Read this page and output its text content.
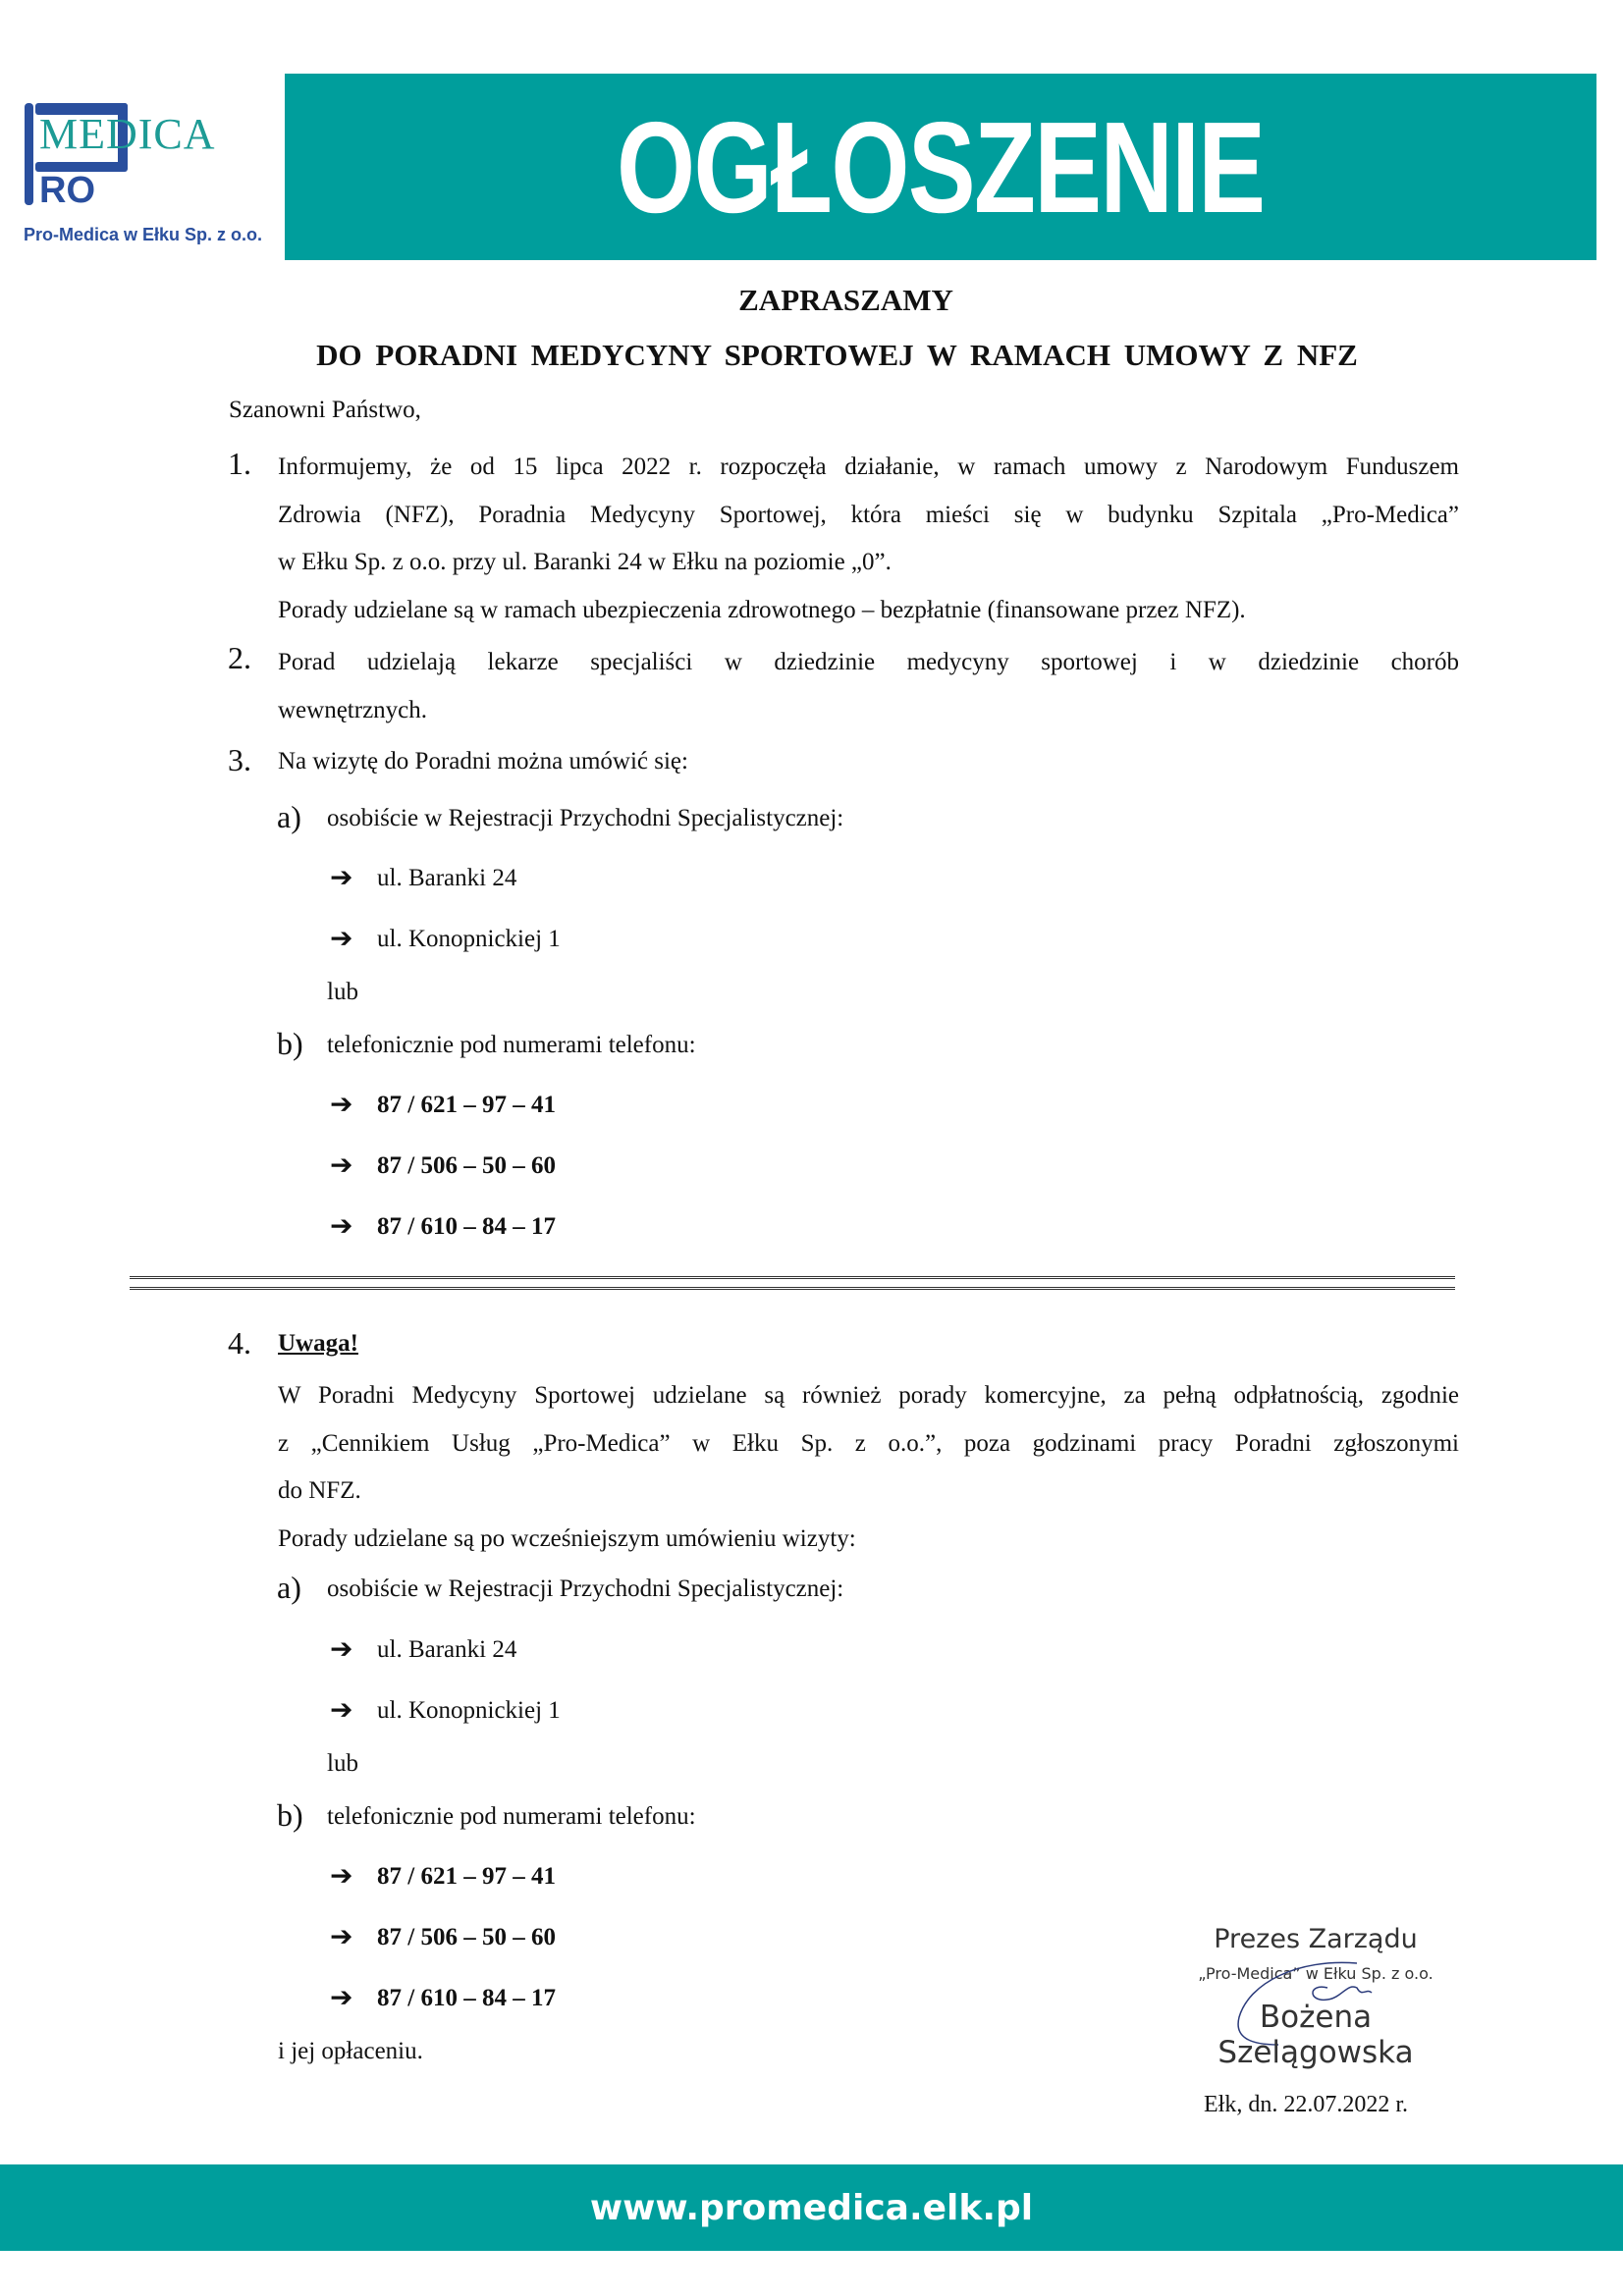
MEDICA
RO
Pro-Medica w Ełku Sp. z o.o.	OGŁOSZENIE
ZAPRASZAMY
DO PORADNI MEDYCYNY SPORTOWEJ W RAMACH UMOWY Z NFZ
Szanowni Państwo,
1. Informujemy, że od 15 lipca 2022 r. rozpoczęła działanie, w ramach umowy z Narodowym Funduszem
Zdrowia (NFZ), Poradnia Medycyny Sportowej, która mieści się w budynku Szpitala „Pro-Medica”
w Ełku Sp. z o.o. przy ul. Baranki 24 w Ełku na poziomie „0”.
Porady udzielane są w ramach ubezpieczenia zdrowotnego – bezpłatnie (finansowane przez NFZ).
2. Porad udzielają lekarze specjaliści w dziedzinie medycyny sportowej i w dziedzinie chorób
wewnętrznych.
3. Na wizytę do Poradni można umówić się:
a) osobiście w Rejestracji Przychodni Specjalistycznej:
➔ ul. Baranki 24
➔ ul. Konopnickiej 1
lub
b) telefonicznie pod numerami telefonu:
➔ 87 / 621 – 97 – 41
➔ 87 / 506 – 50 – 60
➔ 87 / 610 – 84 – 17
4. Uwaga!
W Poradni Medycyny Sportowej udzielane są również porady komercyjne, za pełną odpłatnością, zgodnie
z „Cennikiem Usług „Pro-Medica” w Ełku Sp. z o.o.”, poza godzinami pracy Poradni zgłoszonymi
do NFZ.
Porady udzielane są po wcześniejszym umówieniu wizyty:
a) osobiście w Rejestracji Przychodni Specjalistycznej:
➔ ul. Baranki 24
➔ ul. Konopnickiej 1
lub
b) telefonicznie pod numerami telefonu:
➔ 87 / 621 – 97 – 41
➔ 87 / 506 – 50 – 60
➔ 87 / 610 – 84 – 17
i jej opłaceniu.
Prezes Zarządu
„Pro-Medica” w Ełku Sp. z o.o.
Bożena Szelągowska
Ełk, dn. 22.07.2022 r.
www.promedica.elk.pl
